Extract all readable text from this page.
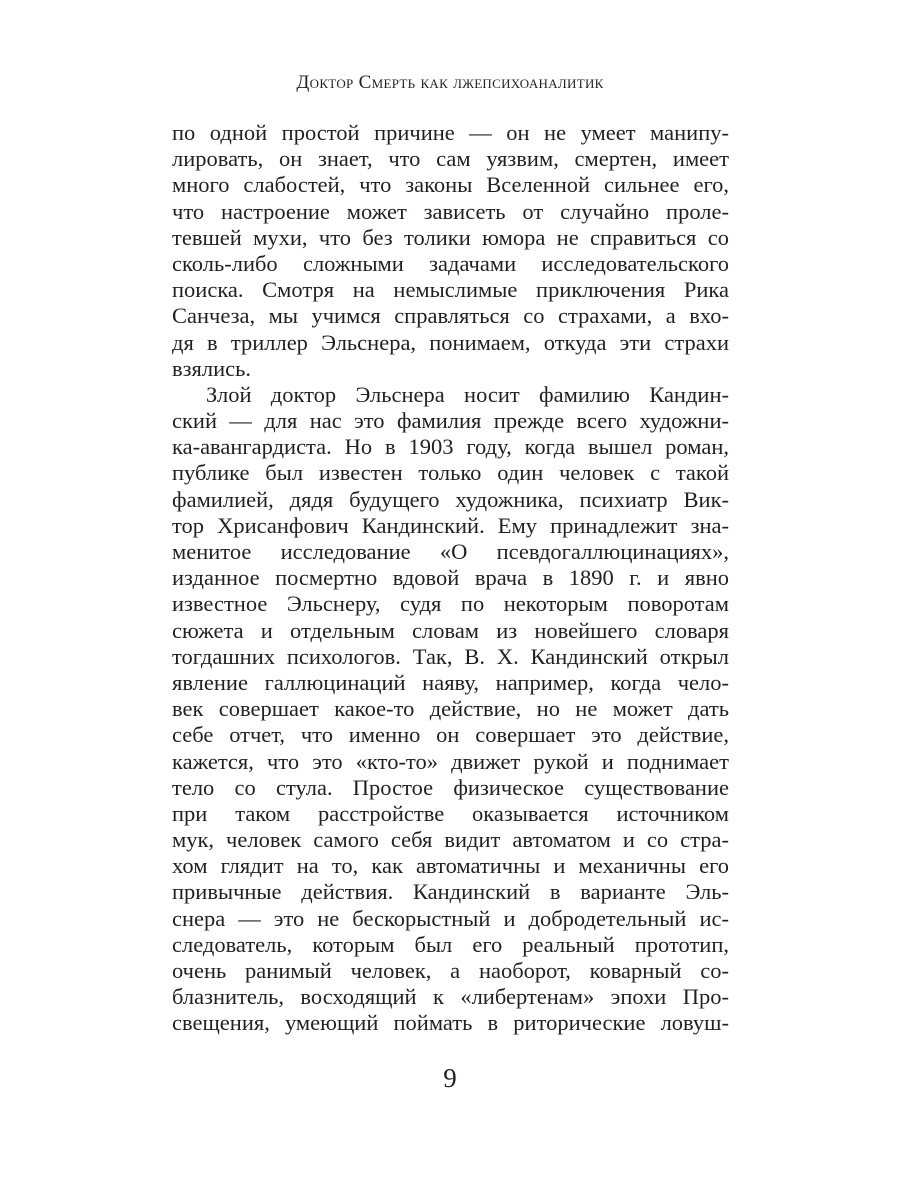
Доктор Смерть как лжепсихоаналитик
по одной простой причине — он не умеет манипу-
лировать, он знает, что сам уязвим, смертен, имеет
много слабостей, что законы Вселенной сильнее его,
что настроение может зависеть от случайно проле-
тевшей мухи, что без толики юмора не справиться со
сколь-либо сложными задачами исследовательского
поиска. Смотря на немыслимые приключения Рика
Санчеза, мы учимся справляться со страхами, а вхо-
дя в триллер Эльснера, понимаем, откуда эти страхи
взялись.
Злой доктор Эльснера носит фамилию Кандин-
ский — для нас это фамилия прежде всего художни-
ка-авангардиста. Но в 1903 году, когда вышел роман,
публике был известен только один человек с такой
фамилией, дядя будущего художника, психиатр Вик-
тор Хрисанфович Кандинский. Ему принадлежит зна-
менитое исследование «О псевдогаллюцинациях»,
изданное посмертно вдовой врача в 1890 г. и явно
известное Эльснеру, судя по некоторым поворотам
сюжета и отдельным словам из новейшего словаря
тогдашних психологов. Так, В. Х. Кандинский открыл
явление галлюцинаций наяву, например, когда чело-
век совершает какое-то действие, но не может дать
себе отчет, что именно он совершает это действие,
кажется, что это «кто-то» движет рукой и поднимает
тело со стула. Простое физическое существование
при таком расстройстве оказывается источником
мук, человек самого себя видит автоматом и со стра-
хом глядит на то, как автоматичны и механичны его
привычные действия. Кандинский в варианте Эль-
снера — это не бескорыстный и добродетельный ис-
следователь, которым был его реальный прототип,
очень ранимый человек, а наоборот, коварный со-
блазнитель, восходящий к «либертенам» эпохи Про-
свещения, умеющий поймать в риторические ловуш-
9
